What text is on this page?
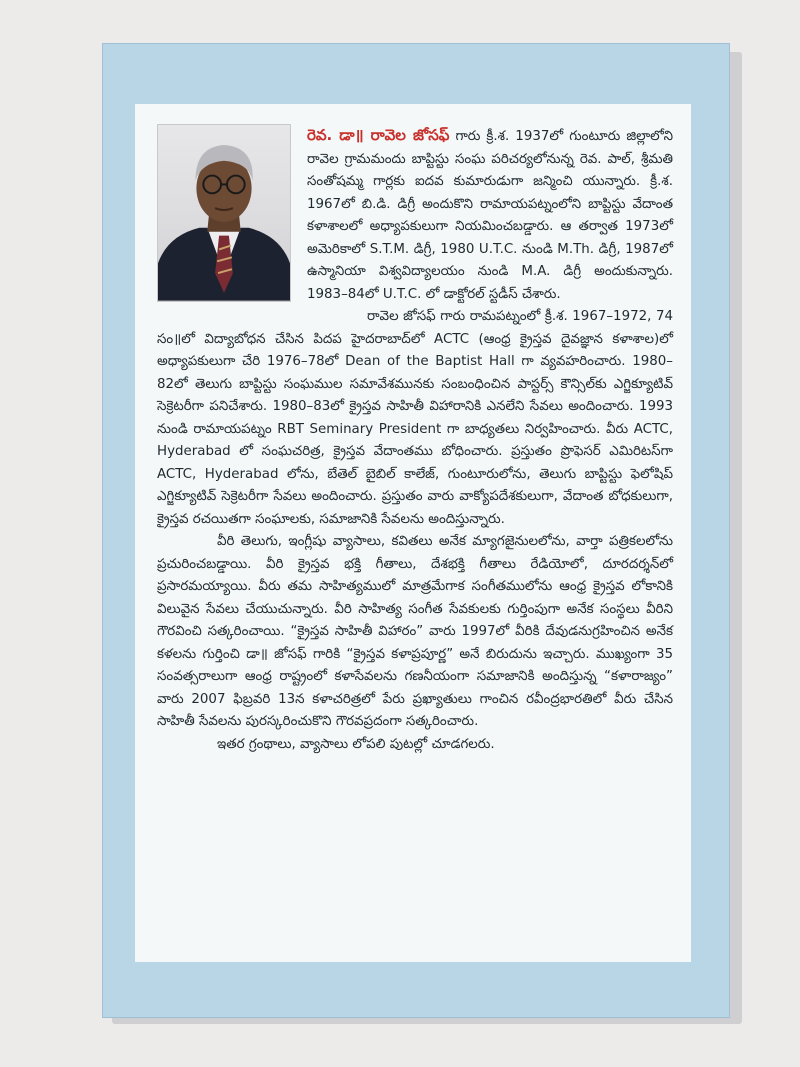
రెవ. డా॥ రావెల జోసఫ్ గారు క్రీ.శ. 1937లో గుంటూరు జిల్లాలోని రావెల గ్రామమందు బాప్టిస్టు సంఘ పరిచర్యలోనున్న రెవ. పాల్, శ్రీమతి సంతోషమ్మ గార్లకు ఐదవ కుమారుడుగా జన్మించి యున్నారు. క్రీ.శ. 1967లో బి.డి. డిగ్రీ అందుకొని రామాయపట్నంలోని బాప్టిస్టు వేదాంత కళాశాలలో అధ్యాపకులుగా నియమించబడ్డారు. ఆ తర్వాత 1973లో అమెరికాలో S.T.M. డిగ్రీ, 1980 U.T.C. నుండి M.Th. డిగ్రీ, 1987లో ఉస్మానియా విశ్వవిద్యాలయం నుండి M.A. డిగ్రీ అందుకున్నారు. 1983–84లో U.T.C. లో డాక్టోరల్ స్టడీస్ చేశారు.

రావెల జోసఫ్ గారు రామపట్నంలో క్రీ.శ. 1967–1972, 74 సం॥లో విద్యాబోధన చేసిన పిదప హైదరాబాద్‌లో ACTC (ఆంధ్ర క్రైస్తవ దైవజ్ఞాన కళాశాల)లో అధ్యాపకులుగా చేరి 1976–78లో Dean of the Baptist Hall గా వ్యవహరించారు. 1980–82లో తెలుగు బాప్టిస్టు సంఘముల సమావేశమునకు సంబంధించిన పాస్టర్స్ కౌన్సిల్‌కు ఎగ్జిక్యూటివ్ సెక్రెటరీగా పనిచేశారు. 1980–83లో క్రైస్తవ సాహితీ విహారానికి ఎనలేని సేవలు అందించారు. 1993 నుండి రామాయపట్నం RBT Seminary President గా బాధ్యతలు నిర్వహించారు. వీరు ACTC, Hyderabad లో సంఘచరిత్ర, క్రైస్తవ వేదాంతము బోధించారు. ప్రస్తుతం ప్రొఫెసర్ ఎమిరిటస్‌గా ACTC, Hyderabad లోను, బేతెల్ బైబిల్ కాలేజ్, గుంటూరులోను, తెలుగు బాప్టిస్టు ఫెలోషిప్ ఎగ్జిక్యూటివ్ సెక్రెటరీగా సేవలు అందించారు. ప్రస్తుతం వారు వాక్యోపదేశకులుగా, వేదాంత బోధకులుగా, క్రైస్తవ రచయితగా సంఘాలకు, సమాజానికి సేవలను అందిస్తున్నారు.

వీరి తెలుగు, ఇంగ్లీషు వ్యాసాలు, కవితలు అనేక మ్యాగజైనులలోను, వార్తా పత్రికలలోను ప్రచురించబడ్డాయి. వీరి క్రైస్తవ భక్తి గీతాలు, దేశభక్తి గీతాలు రేడియోలో, దూరదర్శన్‌లో ప్రసారమయ్యాయి. వీరు తమ సాహిత్యములో మాత్రమేగాక సంగీతములోను ఆంధ్ర క్రైస్తవ లోకానికి విలువైన సేవలు చేయుచున్నారు. వీరి సాహిత్య సంగీత సేవకులకు గుర్తింపుగా అనేక సంస్థలు వీరిని గౌరవించి సత్కరించాయి. “క్రైస్తవ సాహితీ విహారం” వారు 1997లో వీరికి దేవుడనుగ్రహించిన అనేక కళలను గుర్తించి డా॥ జోసఫ్ గారికి “క్రైస్తవ కళాప్రపూర్ణ” అనే బిరుదును ఇచ్చారు. ముఖ్యంగా 35 సంవత్సరాలుగా ఆంధ్ర రాష్ట్రంలో కళాసేవలను గణనీయంగా సమాజానికి అందిస్తున్న “కళారాజ్యం” వారు 2007 ఫిబ్రవరి 13న కళాచరిత్రలో పేరు ప్రఖ్యాతులు గాంచిన రవీంద్రభారతిలో వీరు చేసిన సాహితీ సేవలను పురస్కరించుకొని గౌరవప్రదంగా సత్కరించారు.

ఇతర గ్రంథాలు, వ్యాసాలు లోపలి పుటల్లో చూడగలరు.
